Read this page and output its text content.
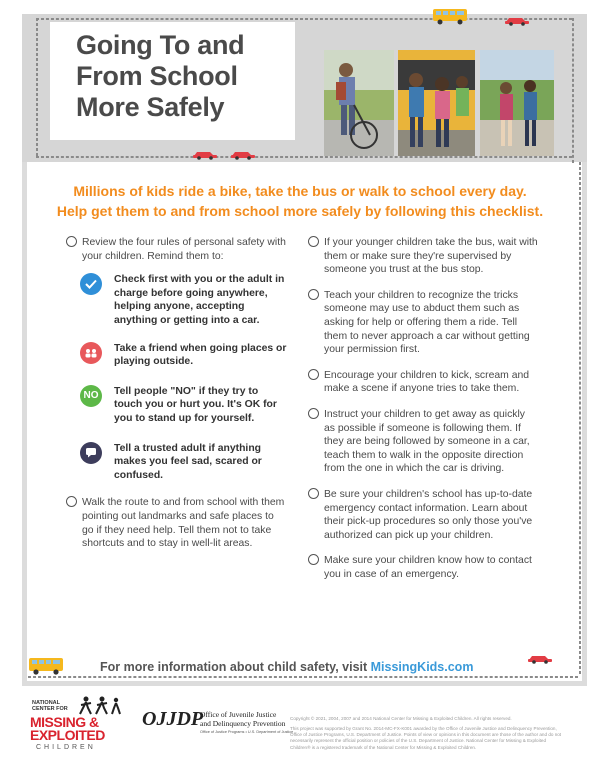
Going To and
From School
More Safely
Millions of kids ride a bike, take the bus or walk to school every day.
Help get them to and from school more safely by following this checklist.
Review the four rules of personal safety with your children. Remind them to:
Check first with you or the adult in charge before going anywhere, helping anyone, accepting anything or getting into a car.
Take a friend when going places or playing outside.
NO	Tell people "NO" if they try to touch you or hurt you. It's OK for you to stand up for yourself.
Tell a trusted adult if anything makes you feel sad, scared or confused.
Walk the route to and from school with them pointing out landmarks and safe places to go if they need help. Tell them not to take shortcuts and to stay in well-lit areas.
If your younger children take the bus, wait with them or make sure they're supervised by someone you trust at the bus stop.
Teach your children to recognize the tricks someone may use to abduct them such as asking for help or offering them a ride. Tell them to never approach a car without getting your permission first.
Encourage your children to kick, scream and make a scene if anyone tries to take them.
Instruct your children to get away as quickly as possible if someone is following them. If they are being followed by someone in a car, teach them to walk in the opposite direction from the one in which the car is driving.
Be sure your children's school has up-to-date emergency contact information. Learn about their pick-up procedures so only those you've authorized can pick up your children.
Make sure your children know how to contact you in case of an emergency.
For more information about child safety, visit MissingKids.com
NATIONAL CENTER FOR
MISSING &
EXPLOITED
CHILDREN
OJJDP
Office of Juvenile Justice
and Delinquency Prevention
Office of Justice Programs • U.S. Department of Justice
Copyright © 2021, 2004, 2007 and 2014 National Center for Missing & Exploited Children. All rights reserved.
This project was supported by Grant No. 2014-MC-FX-K001 awarded by the Office of Juvenile Justice and Delinquency Prevention, Office of Justice Programs, U.S. Department of Justice. Points of view or opinions in this document are those of the author and do not necessarily represent the official position or policies of the U.S. Department of Justice. National Center for Missing & Exploited Children® is a registered trademark of the National Center for Missing & Exploited Children.
